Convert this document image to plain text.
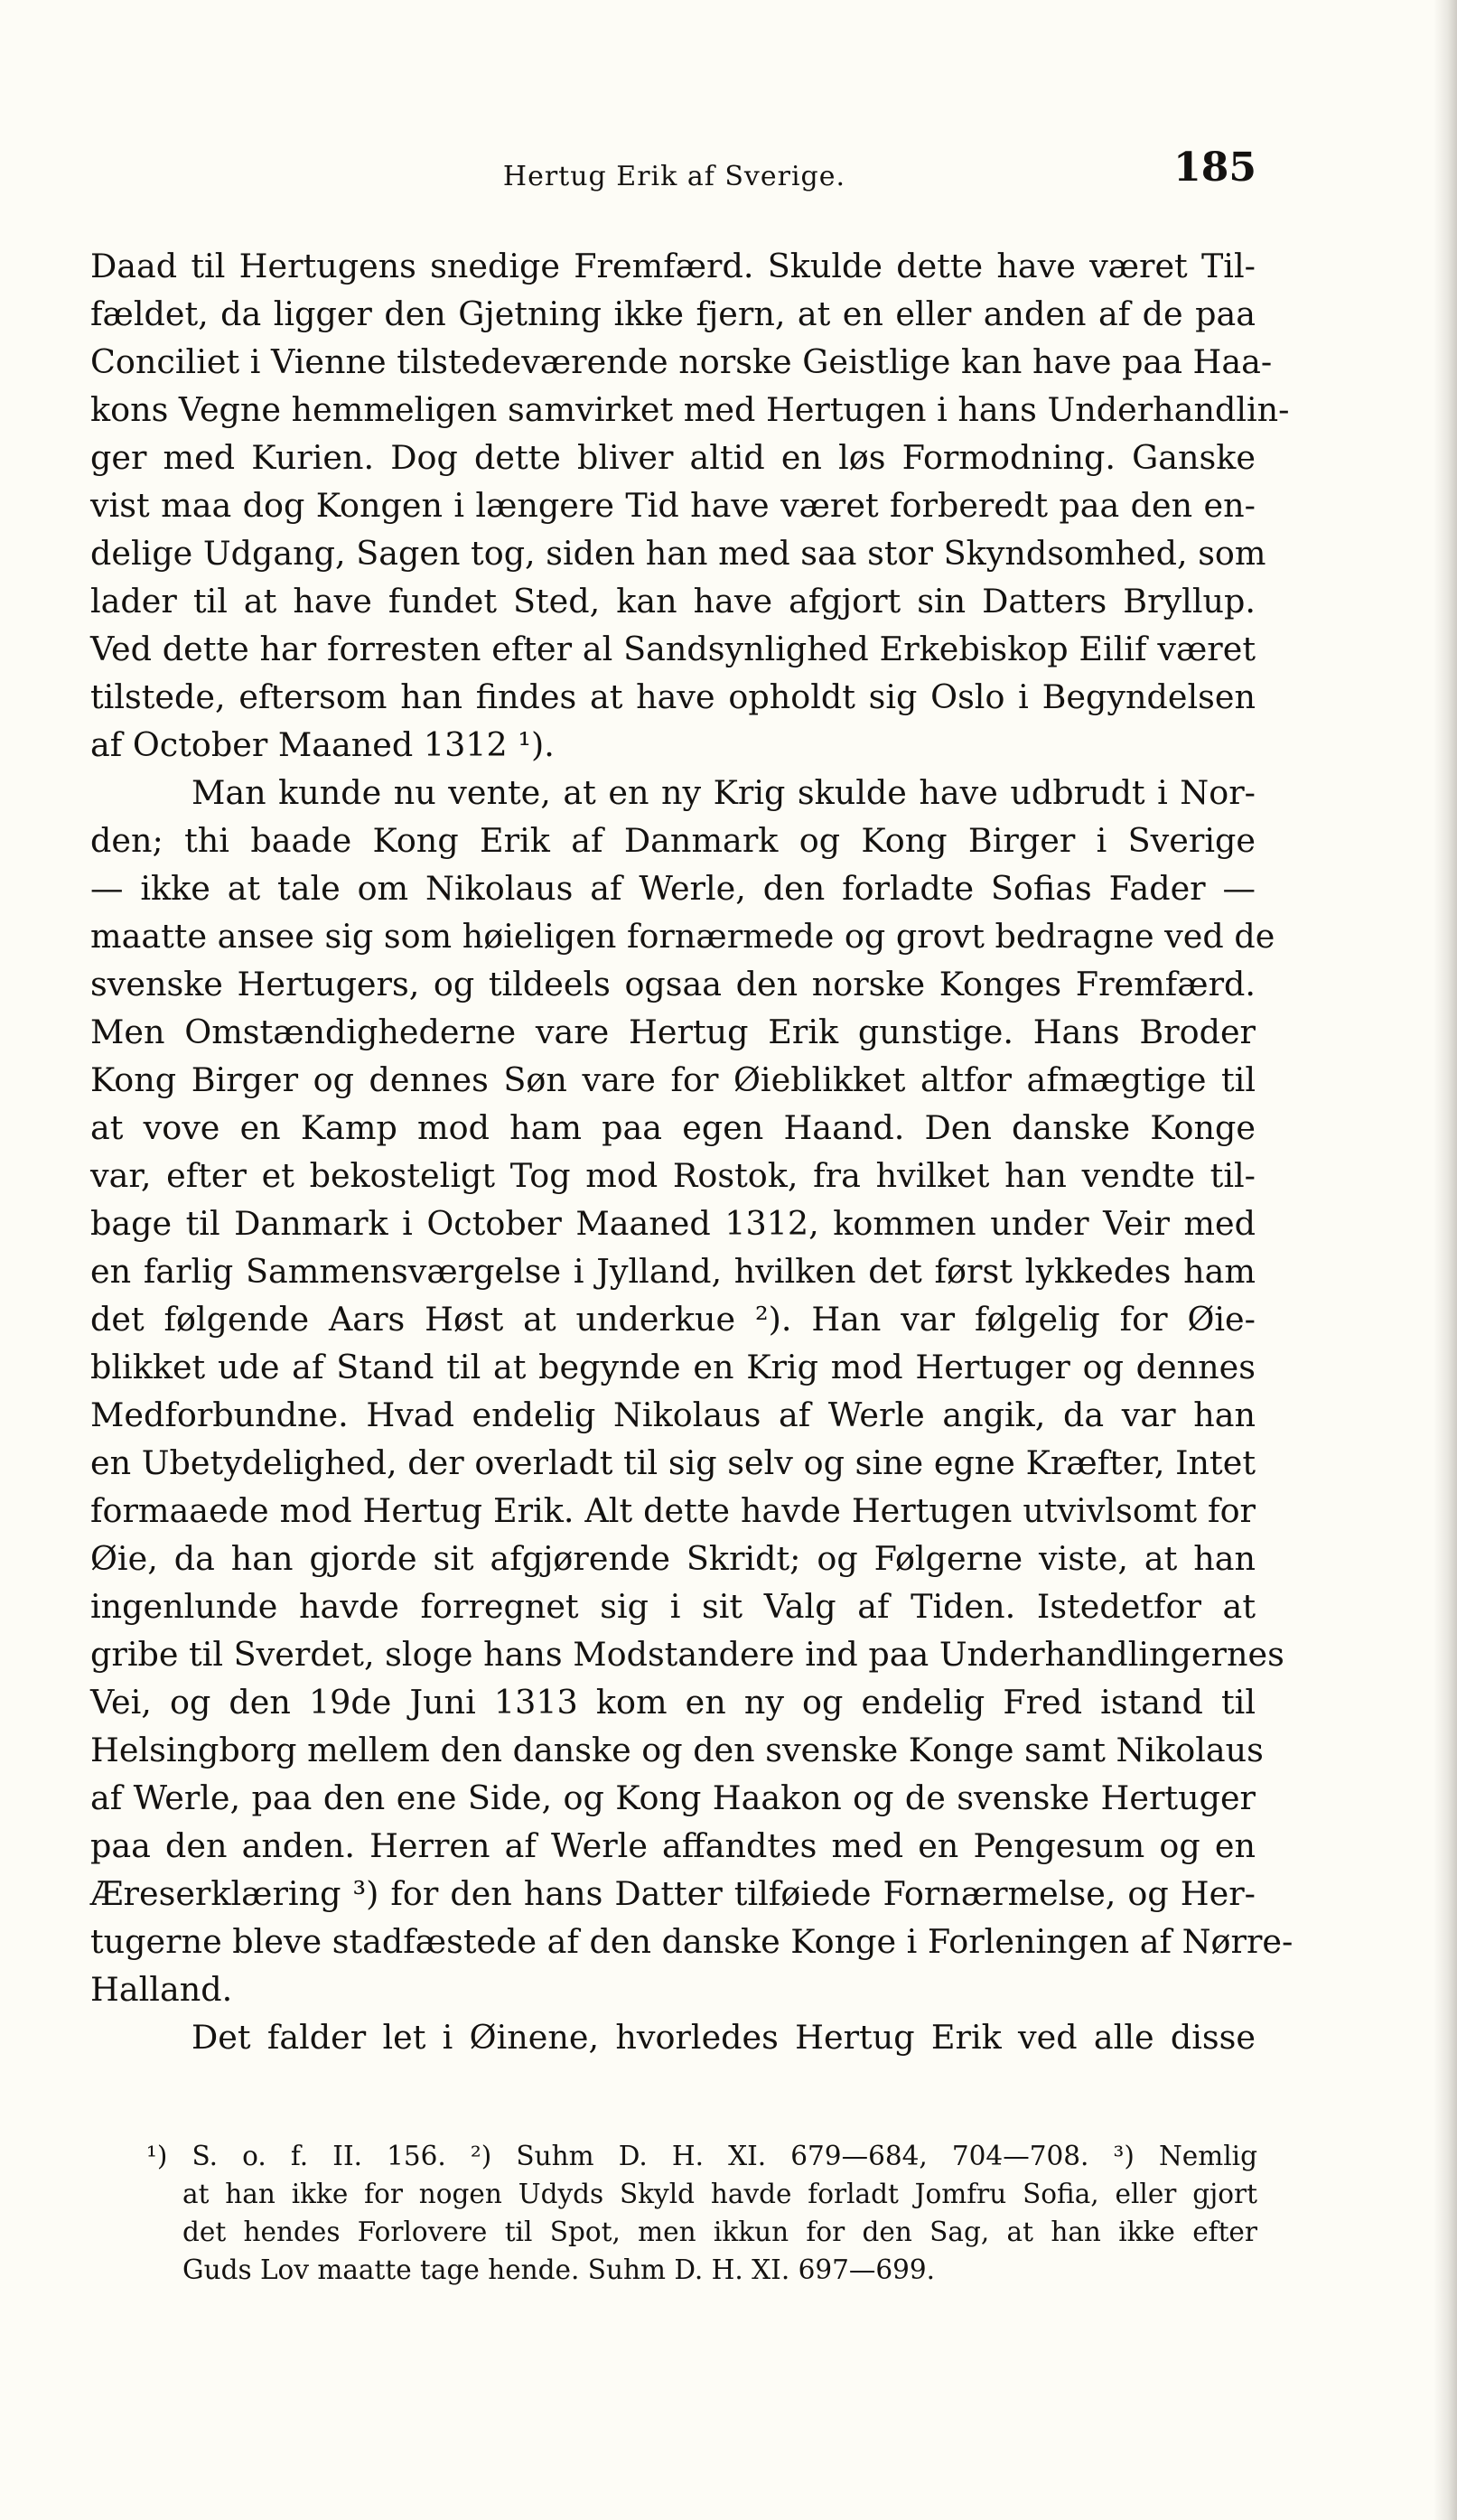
Hertug Erik af Sverige.	185
Daad til Hertugens snedige Fremfærd. Skulde dette have været Til-
fældet, da ligger den Gjetning ikke fjern, at en eller anden af de paa
Conciliet i Vienne tilstedeværende norske Geistlige kan have paa Haa-
kons Vegne hemmeligen samvirket med Hertugen i hans Underhandlin-
ger med Kurien. Dog dette bliver altid en løs Formodning. Ganske
vist maa dog Kongen i længere Tid have været forberedt paa den en-
delige Udgang, Sagen tog, siden han med saa stor Skyndsomhed, som
lader til at have fundet Sted, kan have afgjort sin Datters Bryllup.
Ved dette har forresten efter al Sandsynlighed Erkebiskop Eilif været
tilstede, eftersom han findes at have opholdt sig Oslo i Begyndelsen
af October Maaned 1312 ¹).
Man kunde nu vente, at en ny Krig skulde have udbrudt i Nor-
den; thi baade Kong Erik af Danmark og Kong Birger i Sverige
— ikke at tale om Nikolaus af Werle, den forladte Sofias Fader —
maatte ansee sig som høieligen fornærmede og grovt bedragne ved de
svenske Hertugers, og tildeels ogsaa den norske Konges Fremfærd.
Men Omstændighederne vare Hertug Erik gunstige. Hans Broder
Kong Birger og dennes Søn vare for Øieblikket altfor afmægtige til
at vove en Kamp mod ham paa egen Haand. Den danske Konge
var, efter et bekosteligt Tog mod Rostok, fra hvilket han vendte til-
bage til Danmark i October Maaned 1312, kommen under Veir med
en farlig Sammensværgelse i Jylland, hvilken det først lykkedes ham
det følgende Aars Høst at underkue ²). Han var følgelig for Øie-
blikket ude af Stand til at begynde en Krig mod Hertuger og dennes
Medforbundne. Hvad endelig Nikolaus af Werle angik, da var han
en Ubetydelighed, der overladt til sig selv og sine egne Kræfter, Intet
formaaede mod Hertug Erik. Alt dette havde Hertugen utvivlsomt for
Øie, da han gjorde sit afgjørende Skridt; og Følgerne viste, at han
ingenlunde havde forregnet sig i sit Valg af Tiden. Istedetfor at
gribe til Sverdet, sloge hans Modstandere ind paa Underhandlingernes
Vei, og den 19de Juni 1313 kom en ny og endelig Fred istand til
Helsingborg mellem den danske og den svenske Konge samt Nikolaus
af Werle, paa den ene Side, og Kong Haakon og de svenske Hertuger
paa den anden. Herren af Werle affandtes med en Pengesum og en
Æreserklæring ³) for den hans Datter tilføiede Fornærmelse, og Her-
tugerne bleve stadfæstede af den danske Konge i Forleningen af Nørre-
Halland.
Det falder let i Øinene, hvorledes Hertug Erik ved alle disse
¹) S. o. f. II. 156. ²) Suhm D. H. XI. 679—684, 704—708. ³) Nemlig
at han ikke for nogen Udyds Skyld havde forladt Jomfru Sofia, eller gjort
det hendes Forlovere til Spot, men ikkun for den Sag, at han ikke efter
Guds Lov maatte tage hende. Suhm D. H. XI. 697—699.
